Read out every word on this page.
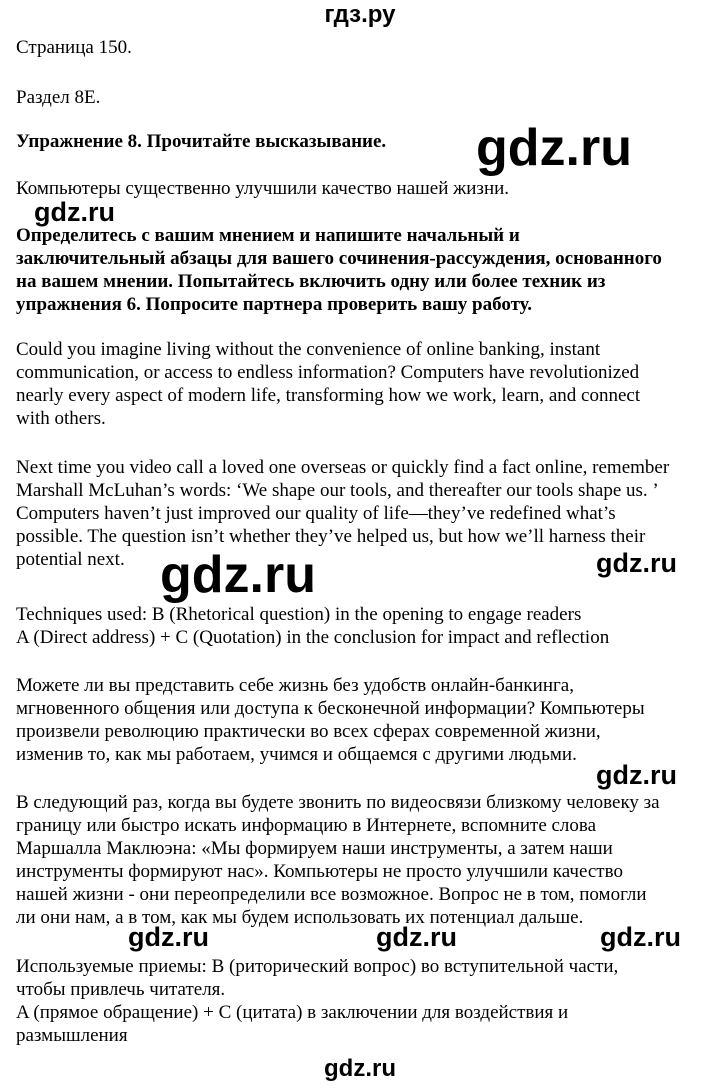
гдз.ру
Страница 150.
Раздел 8E.
Упражнение 8. Прочитайте высказывание.
Компьютеры существенно улучшили качество нашей жизни.
Определитесь с вашим мнением и напишите начальный и
заключительный абзацы для вашего сочинения-рассуждения, основанного
на вашем мнении. Попытайтесь включить одну или более техник из
упражнения 6. Попросите партнера проверить вашу работу.
Could you imagine living without the convenience of online banking, instant
communication, or access to endless information? Computers have revolutionized
nearly every aspect of modern life, transforming how we work, learn, and connect
with others.
Next time you video call a loved one overseas or quickly find a fact online, remember
Marshall McLuhan’s words: ‘We shape our tools, and thereafter our tools shape us. ’
Computers haven’t just improved our quality of life—they’ve redefined what’s
possible. The question isn’t whether they’ve helped us, but how we’ll harness their
potential next.
Techniques used: B (Rhetorical question) in the opening to engage readers
A (Direct address) + C (Quotation) in the conclusion for impact and reflection
Можете ли вы представить себе жизнь без удобств онлайн-банкинга,
мгновенного общения или доступа к бесконечной информации? Компьютеры
произвели революцию практически во всех сферах современной жизни,
изменив то, как мы работаем, учимся и общаемся с другими людьми.
В следующий раз, когда вы будете звонить по видеосвязи близкому человеку за
границу или быстро искать информацию в Интернете, вспомните слова
Маршалла Маклюэна: «Мы формируем наши инструменты, а затем наши
инструменты формируют нас». Компьютеры не просто улучшили качество
нашей жизни - они переопределили все возможное. Вопрос не в том, помогли
ли они нам, а в том, как мы будем использовать их потенциал дальше.
Используемые приемы: B (риторический вопрос) во вступительной части,
чтобы привлечь читателя.
A (прямое обращение) + C (цитата) в заключении для воздействия и
размышления
gdz.ru
gdz.ru
gdz.ru	gdz.ru
gdz.ru
gdz.ru	gdz.ru	gdz.ru
gdz.ru
